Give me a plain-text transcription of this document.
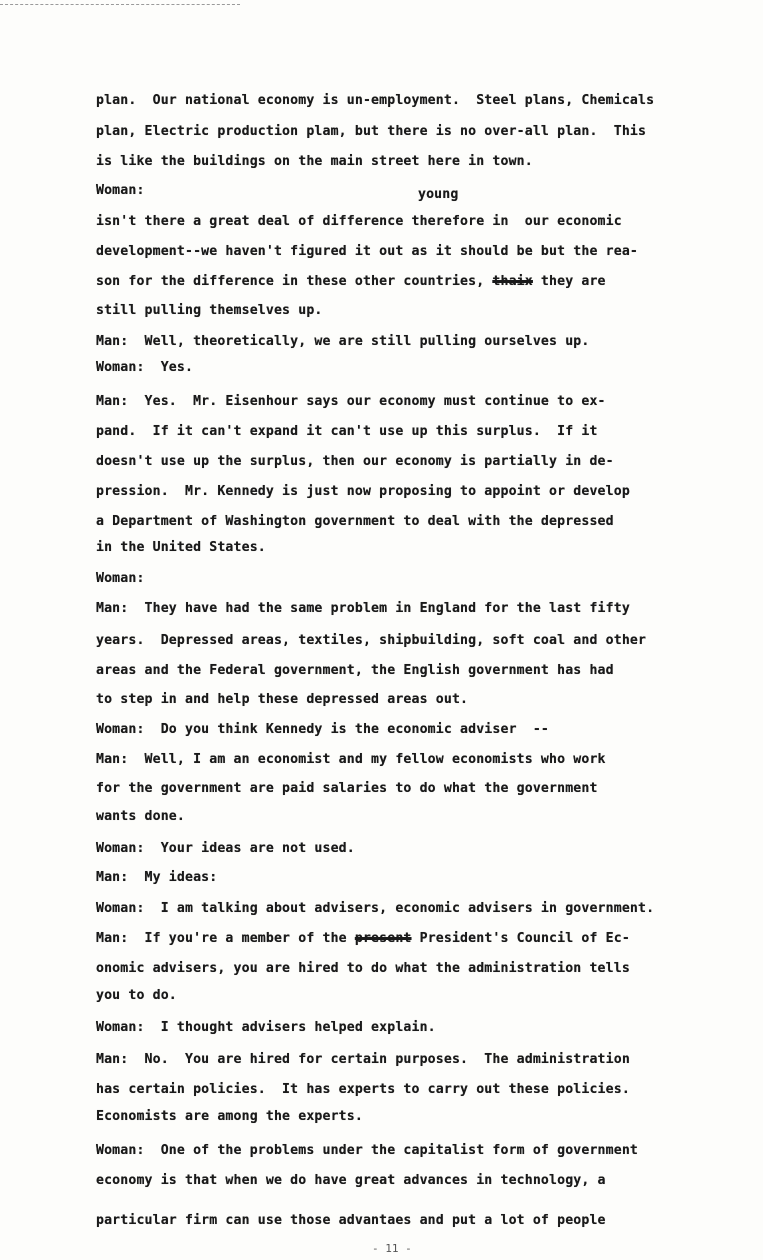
plan.  Our national economy is un-employment.  Steel plans, Chemicals
plan, Electric production plam, but there is no over-all plan.  This
is like the buildings on the main street here in town.
Woman:	young
isn't there a great deal of difference therefore in  our economic
development--we haven't figured it out as it should be but the rea-
son for the difference in these other countries, thaix they are
still pulling themselves up.
Man:  Well, theoretically, we are still pulling ourselves up.
Woman:  Yes.
Man:  Yes.  Mr. Eisenhour says our economy must continue to ex-
pand.  If it can't expand it can't use up this surplus.  If it
doesn't use up the surplus, then our economy is partially in de-
pression.  Mr. Kennedy is just now proposing to appoint or develop
a Department of Washington government to deal with the depressed
in the United States.
Woman:
Man:  They have had the same problem in England for the last fifty
years.  Depressed areas, textiles, shipbuilding, soft coal and other
areas and the Federal government, the English government has had
to step in and help these depressed areas out.
Woman:  Do you think Kennedy is the economic adviser  --
Man:  Well, I am an economist and my fellow economists who work
for the government are paid salaries to do what the government
wants done.
Woman:  Your ideas are not used.
Man:  My ideas:
Woman:  I am talking about advisers, economic advisers in government.
Man:  If you're a member of the present President's Council of Ec-
onomic advisers, you are hired to do what the administration tells
you to do.
Woman:  I thought advisers helped explain.
Man:  No.  You are hired for certain purposes.  The administration
has certain policies.  It has experts to carry out these policies.
Economists are among the experts.
Woman:  One of the problems under the capitalist form of government
economy is that when we do have great advances in technology, a
particular firm can use those advantaes and put a lot of people
- 11 -
